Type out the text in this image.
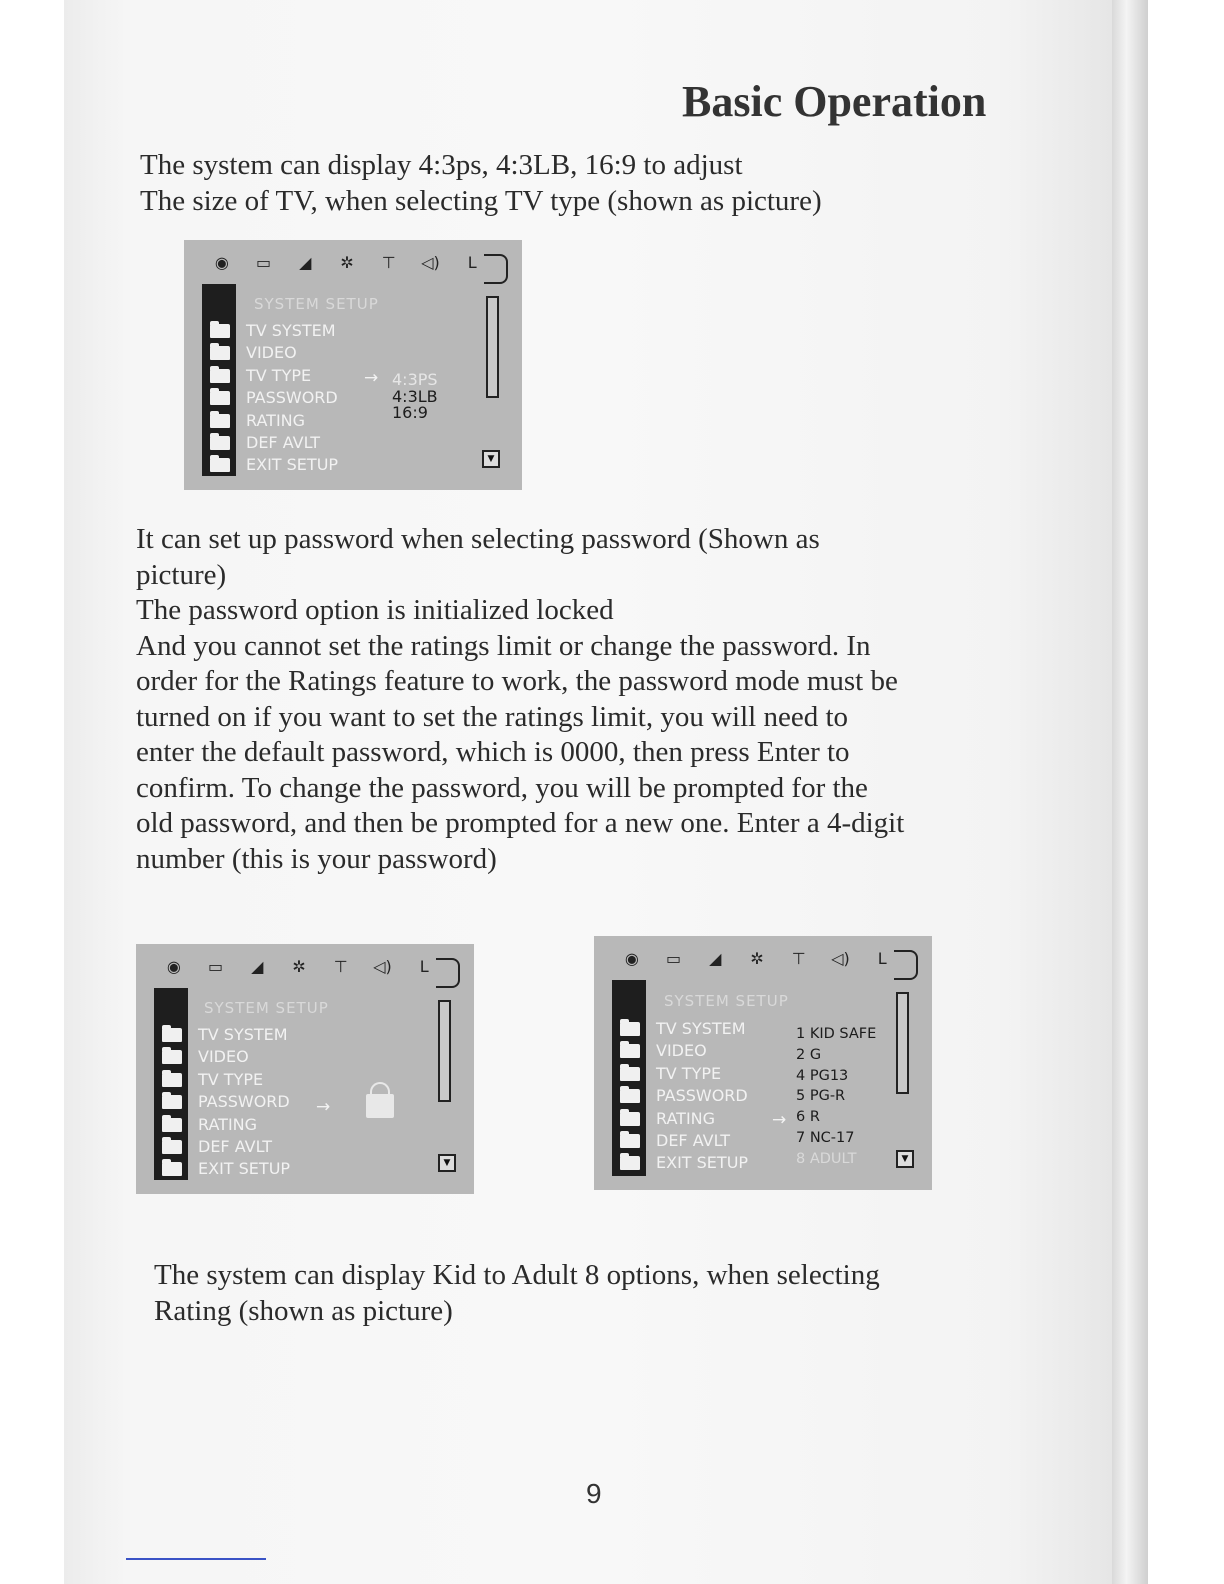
Basic Operation

The system can display 4:3ps, 4:3LB, 16:9 to adjust
The size of TV, when selecting TV type (shown as picture)

◉ ▭ ◢ ✲ ⊤ ◁)	L
SYSTEM SETUP
TV SYSTEM
VIDEO
TV TYPE
PASSWORD
RATING
DEF AVLT
EXIT SETUP
→ 4:3PS
4:3LB
16:9
▼

It can set up password when selecting password (Shown as
picture)
The password option is initialized locked
And you cannot set the ratings limit or change the password. In
order for the Ratings feature to work, the password mode must be
turned on if you want to set the ratings limit, you will need to
enter the default password, which is 0000, then press Enter to
confirm. To change the password, you will be prompted for the
old password, and then be prompted for a new one. Enter a 4-digit
number (this is your password)

◉ ▭ ◢ ✲ ⊤ ◁)	L
SYSTEM SETUP
TV SYSTEM
VIDEO
TV TYPE
PASSWORD
RATING
DEF AVLT
EXIT SETUP
→
▼
◉ ▭ ◢ ✲ ⊤ ◁)	L
SYSTEM SETUP
TV SYSTEM
VIDEO
TV TYPE
PASSWORD
RATING
DEF AVLT
EXIT SETUP
→
1 KID SAFE
2 G
4 PG13
5 PG-R
6 R
7 NC-17
8 ADULT	▼

The system can display Kid to Adult 8 options, when selecting
Rating (shown as picture)

9
